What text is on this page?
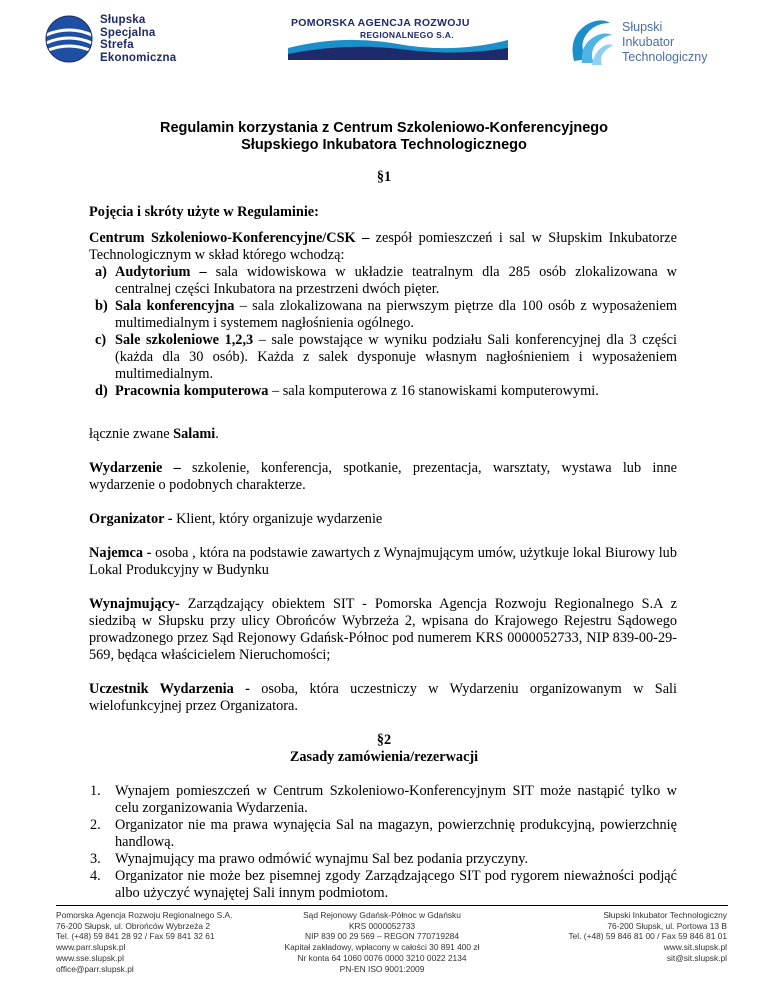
Słupska
Specjalna
Strefa
Ekonomiczna
POMORSKA AGENCJA ROZWOJU
REGIONALNEGO S.A.
Słupski
Inkubator
Technologiczny
Regulamin korzystania z Centrum Szkoleniowo-Konferencyjnego
Słupskiego Inkubatora Technologicznego
§1
Pojęcia i skróty użyte w Regulaminie:
Centrum Szkoleniowo-Konferencyjne/CSK – zespół pomieszczeń i sal w Słupskim Inkubatorze Technologicznym w skład którego wchodzą:
a) Audytorium – sala widowiskowa w układzie teatralnym dla 285 osób zlokalizowana w centralnej części Inkubatora na przestrzeni dwóch pięter.
b) Sala konferencyjna – sala zlokalizowana na pierwszym piętrze dla 100 osób z wyposażeniem multimedialnym i systemem nagłośnienia ogólnego.
c) Sale szkoleniowe 1,2,3 – sale powstające w wyniku podziału Sali konferencyjnej dla 3 części (każda dla 30 osób). Każda z salek dysponuje własnym nagłośnieniem i wyposażeniem multimedialnym.
d) Pracownia komputerowa – sala komputerowa z 16 stanowiskami komputerowymi.
łącznie zwane Salami.
Wydarzenie – szkolenie, konferencja, spotkanie, prezentacja, warsztaty, wystawa lub inne wydarzenie o podobnych charakterze.
Organizator - Klient, który organizuje wydarzenie
Najemca - osoba , która na podstawie zawartych z Wynajmującym umów, użytkuje lokal Biurowy lub Lokal Produkcyjny w Budynku
Wynajmujący- Zarządzający obiektem SIT - Pomorska Agencja Rozwoju Regionalnego S.A z siedzibą w Słupsku przy ulicy Obrońców Wybrzeża 2, wpisana do Krajowego Rejestru Sądowego prowadzonego przez Sąd Rejonowy Gdańsk-Północ pod numerem KRS 0000052733, NIP 839-00-29-569, będąca właścicielem Nieruchomości;
Uczestnik Wydarzenia - osoba, która uczestniczy w Wydarzeniu organizowanym w Sali wielofunkcyjnej przez Organizatora.
§2
Zasady zamówienia/rezerwacji
1. Wynajem pomieszczeń w Centrum Szkoleniowo-Konferencyjnym SIT może nastąpić tylko w celu zorganizowania Wydarzenia.
2. Organizator nie ma prawa wynajęcia Sal na magazyn, powierzchnię produkcyjną, powierzchnię handlową.
3. Wynajmujący ma prawo odmówić wynajmu Sal bez podania przyczyny.
4. Organizator nie może bez pisemnej zgody Zarządzającego SIT pod rygorem nieważności podjąć albo użyczyć wynajętej Sali innym podmiotom.
Pomorska Agencja Rozwoju Regionalnego S.A.
76-200 Słupsk, ul. Obrońców Wybrzeża 2
Tel. (+48) 59 841 28 92 / Fax 59 841 32 61
www.parr.slupsk.pl
www.sse.slupsk.pl
office@parr.slupsk.pl
Sąd Rejonowy Gdańsk-Północ w Gdańsku
KRS 0000052733
NIP 839 00 29 569 – REGON 770719284
Kapitał zakładowy, wpłacony w całości 30 891 400 zł
Nr konta 64 1060 0076 0000 3210 0022 2134
PN-EN ISO 9001:2009
Słupski Inkubator Technologiczny
76-200 Słupsk, ul. Portowa 13 B
Tel. (+48) 59 846 81 00 / Fax 59 846 81 01
www.sit.slupsk.pl
sit@sit.slupsk.pl
